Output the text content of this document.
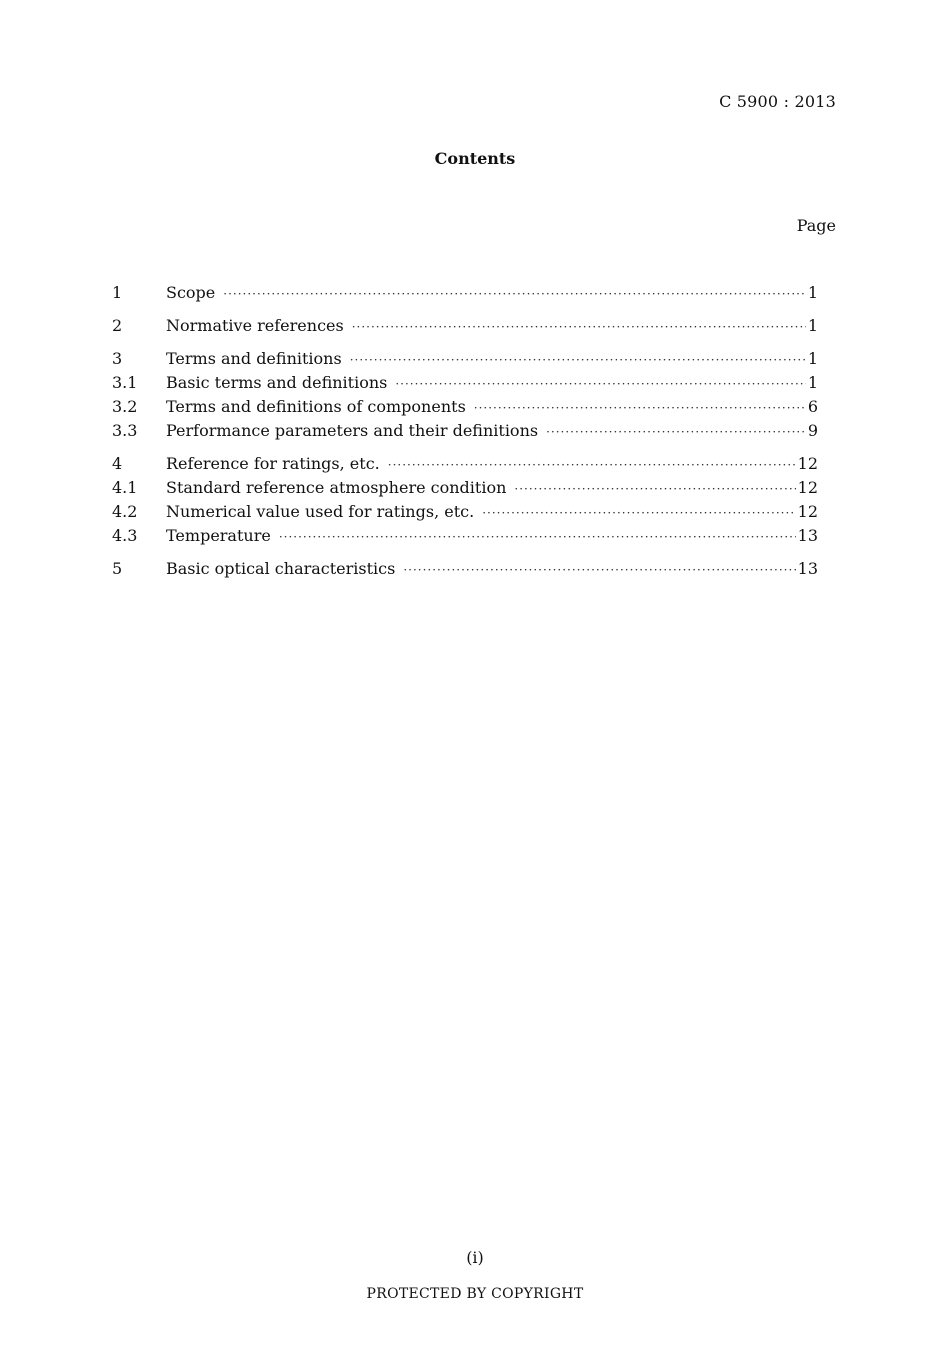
C 5900 : 2013
Contents
Page
1	Scope ·····	1
2	Normative references ·····	1
3	Terms and definitions ·····	1
3.1	Basic terms and definitions ·····	1
3.2	Terms and definitions of components ·····	6
3.3	Performance parameters and their definitions ·····	9
4	Reference for ratings, etc. ·····	12
4.1	Standard reference atmosphere condition ·····	12
4.2	Numerical value used for ratings, etc. ·····	12
4.3	Temperature ·····	13
5	Basic optical characteristics ·····	13
(i)
PROTECTED BY COPYRIGHT
